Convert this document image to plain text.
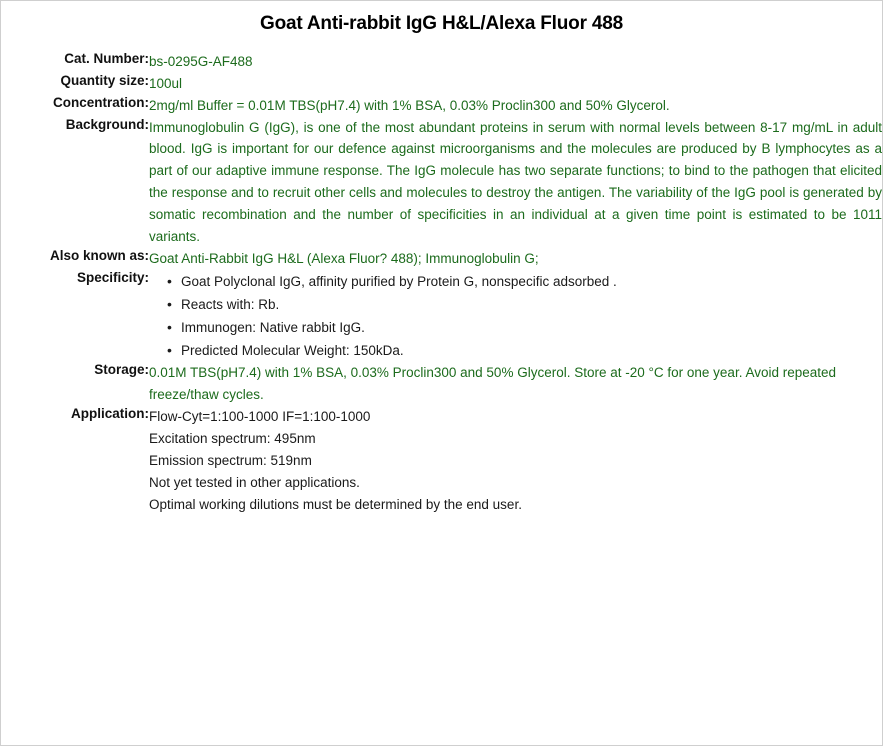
Goat Anti-rabbit IgG H&L/Alexa Fluor 488
Cat. Number:	bs-0295G-AF488
Quantity size:	100ul
Concentration:	2mg/ml Buffer = 0.01M TBS(pH7.4) with 1% BSA, 0.03% Proclin300 and 50% Glycerol.
Background:	Immunoglobulin G (IgG), is one of the most abundant proteins in serum with normal levels between 8-17 mg/mL in adult blood. IgG is important for our defence against microorganisms and the molecules are produced by B lymphocytes as a part of our adaptive immune response. The IgG molecule has two separate functions; to bind to the pathogen that elicited the response and to recruit other cells and molecules to destroy the antigen. The variability of the IgG pool is generated by somatic recombination and the number of specificities in an individual at a given time point is estimated to be 1011 variants.
Also known as:	Goat Anti-Rabbit IgG H&L (Alexa Fluor? 488); Immunoglobulin G;
Specificity:	
•Goat Polyclonal IgG, affinity purified by Protein G, nonspecific adsorbed .
• Reacts with: Rb.
• Immunogen: Native rabbit IgG.
• Predicted Molecular Weight: 150kDa.

Storage:	0.01M TBS(pH7.4) with 1% BSA, 0.03% Proclin300 and 50% Glycerol. Store at -20 °C for one year. Avoid repeated freeze/thaw cycles.
Application:	Flow-Cyt=1:100-1000 IF=1:100-1000
Excitation spectrum: 495nm
Emission spectrum: 519nm
Not yet tested in other applications.
Optimal working dilutions must be determined by the end user.
